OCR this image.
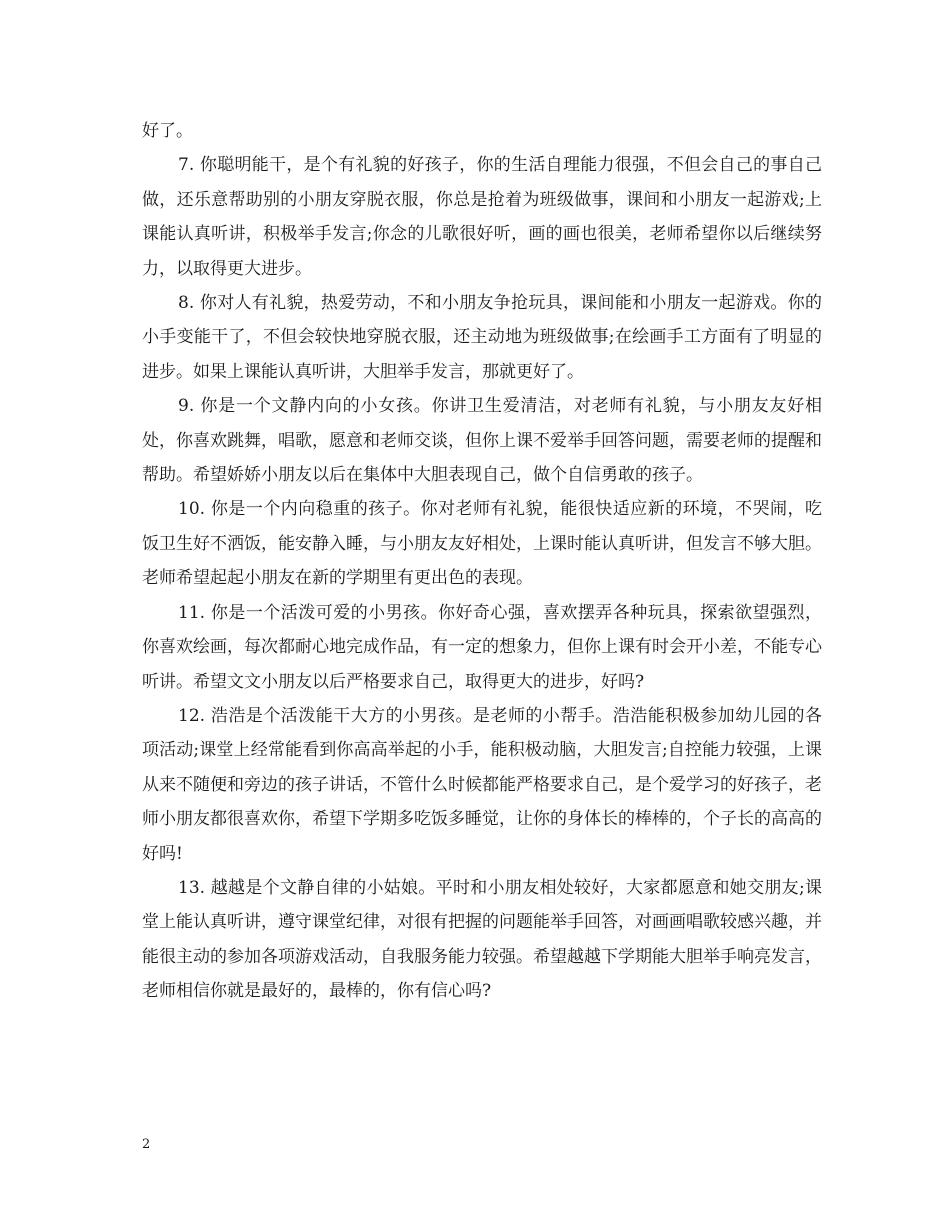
好了。

7. 你聪明能干，是个有礼貌的好孩子，你的生活自理能力很强，不但会自己的事自己做，还乐意帮助别的小朋友穿脱衣服，你总是抢着为班级做事，课间和小朋友一起游戏;上课能认真听讲，积极举手发言;你念的儿歌很好听，画的画也很美，老师希望你以后继续努力，以取得更大进步。

8. 你对人有礼貌，热爱劳动，不和小朋友争抢玩具，课间能和小朋友一起游戏。你的小手变能干了，不但会较快地穿脱衣服，还主动地为班级做事;在绘画手工方面有了明显的进步。如果上课能认真听讲，大胆举手发言，那就更好了。

9. 你是一个文静内向的小女孩。你讲卫生爱清洁，对老师有礼貌，与小朋友友好相处，你喜欢跳舞，唱歌，愿意和老师交谈，但你上课不爱举手回答问题，需要老师的提醒和帮助。希望娇娇小朋友以后在集体中大胆表现自己，做个自信勇敢的孩子。

10. 你是一个内向稳重的孩子。你对老师有礼貌，能很快适应新的环境，不哭闹，吃饭卫生好不洒饭，能安静入睡，与小朋友友好相处，上课时能认真听讲，但发言不够大胆。老师希望起起小朋友在新的学期里有更出色的表现。

11. 你是一个活泼可爱的小男孩。你好奇心强，喜欢摆弄各种玩具，探索欲望强烈，你喜欢绘画，每次都耐心地完成作品，有一定的想象力，但你上课有时会开小差，不能专心听讲。希望文文小朋友以后严格要求自己，取得更大的进步，好吗?

12. 浩浩是个活泼能干大方的小男孩。是老师的小帮手。浩浩能积极参加幼儿园的各项活动;课堂上经常能看到你高高举起的小手，能积极动脑，大胆发言;自控能力较强，上课从来不随便和旁边的孩子讲话，不管什么时候都能严格要求自己，是个爱学习的好孩子，老师小朋友都很喜欢你，希望下学期多吃饭多睡觉，让你的身体长的棒棒的，个子长的高高的好吗!

13. 越越是个文静自律的小姑娘。平时和小朋友相处较好，大家都愿意和她交朋友;课堂上能认真听讲，遵守课堂纪律，对很有把握的问题能举手回答，对画画唱歌较感兴趣，并能很主动的参加各项游戏活动，自我服务能力较强。希望越越下学期能大胆举手响亮发言，老师相信你就是最好的，最棒的，你有信心吗?

2
